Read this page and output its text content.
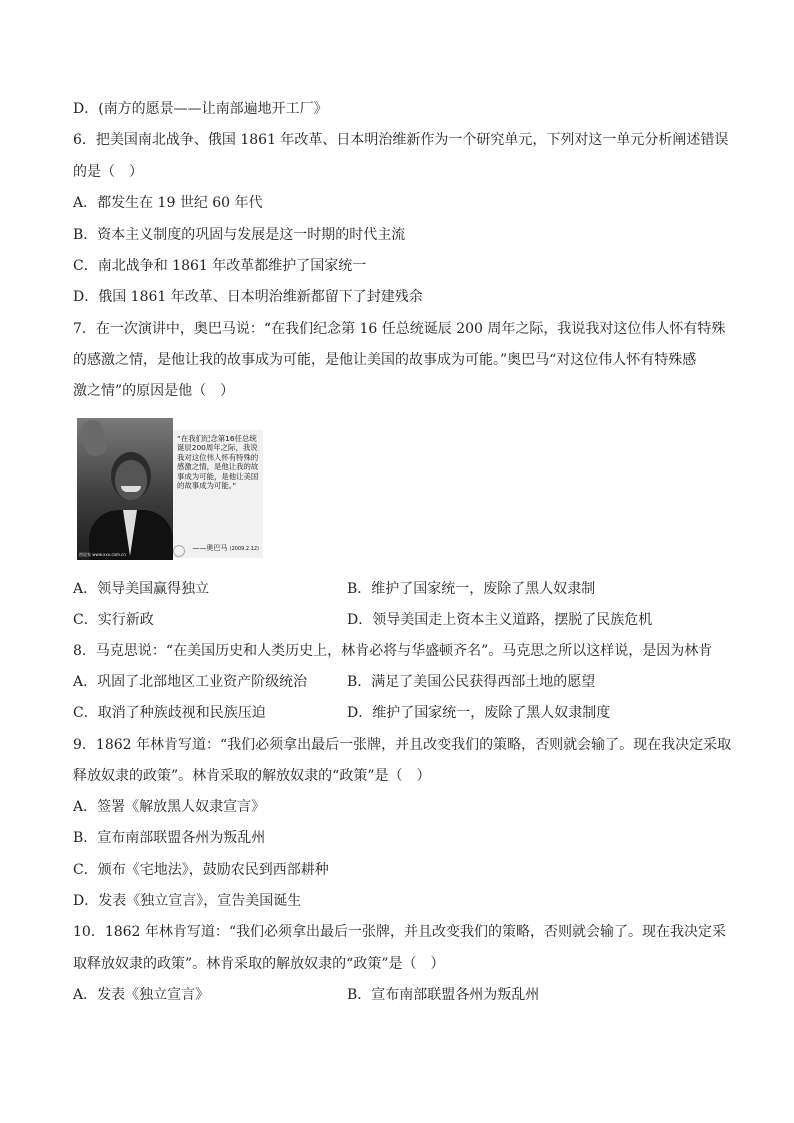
D．(南方的愿景——让南部遍地开工厂》
6．把美国南北战争、俄国 1861 年改革、日本明治维新作为一个研究单元，下列对这一单元分析阐述错误
的是（　）
A．都发生在 19 世纪 60 年代
B．资本主义制度的巩固与发展是这一时期的时代主流
C．南北战争和 1861 年改革都维护了国家统一
D．俄国 1861 年改革、日本明治维新都留下了封建残余
7．在一次演讲中，奥巴马说：“在我们纪念第 16 任总统诞辰 200 周年之际，我说我对这位伟人怀有特殊
的感激之情，是他让我的故事成为可能，是他让美国的故事成为可能。”奥巴马“对这位伟人怀有特殊感
激之情”的原因是他（　）
图说家 www.xxx.com.cn
“在我们纪念第16任总统诞辰200周年之际，我说我对这位伟人怀有特殊的感激之情，是他让我的故事成为可能，是他让美国的故事成为可能。”
——奥巴马 (2009.2.12)
A．领导美国赢得独立	B．维护了国家统一，废除了黑人奴隶制
C．实行新政	D．领导美国走上资本主义道路，摆脱了民族危机
8．马克思说：“在美国历史和人类历史上，林肯必将与华盛顿齐名”。马克思之所以这样说，是因为林肯
A．巩固了北部地区工业资产阶级统治	B．满足了美国公民获得西部土地的愿望
C．取消了种族歧视和民族压迫	D．维护了国家统一，废除了黑人奴隶制度
9．1862 年林肯写道：“我们必须拿出最后一张牌，并且改变我们的策略，否则就会输了。现在我决定采取
释放奴隶的政策”。林肯采取的解放奴隶的“政策”是（　）
A．签署《解放黑人奴隶宣言》
B．宣布南部联盟各州为叛乱州
C．颁布《宅地法》，鼓励农民到西部耕种
D．发表《独立宣言》，宣告美国诞生
10．1862 年林肯写道：“我们必须拿出最后一张牌，并且改变我们的策略，否则就会输了。现在我决定采
取释放奴隶的政策”。林肯采取的解放奴隶的“政策”是（　）
A．发表《独立宣言》	B．宣布南部联盟各州为叛乱州
